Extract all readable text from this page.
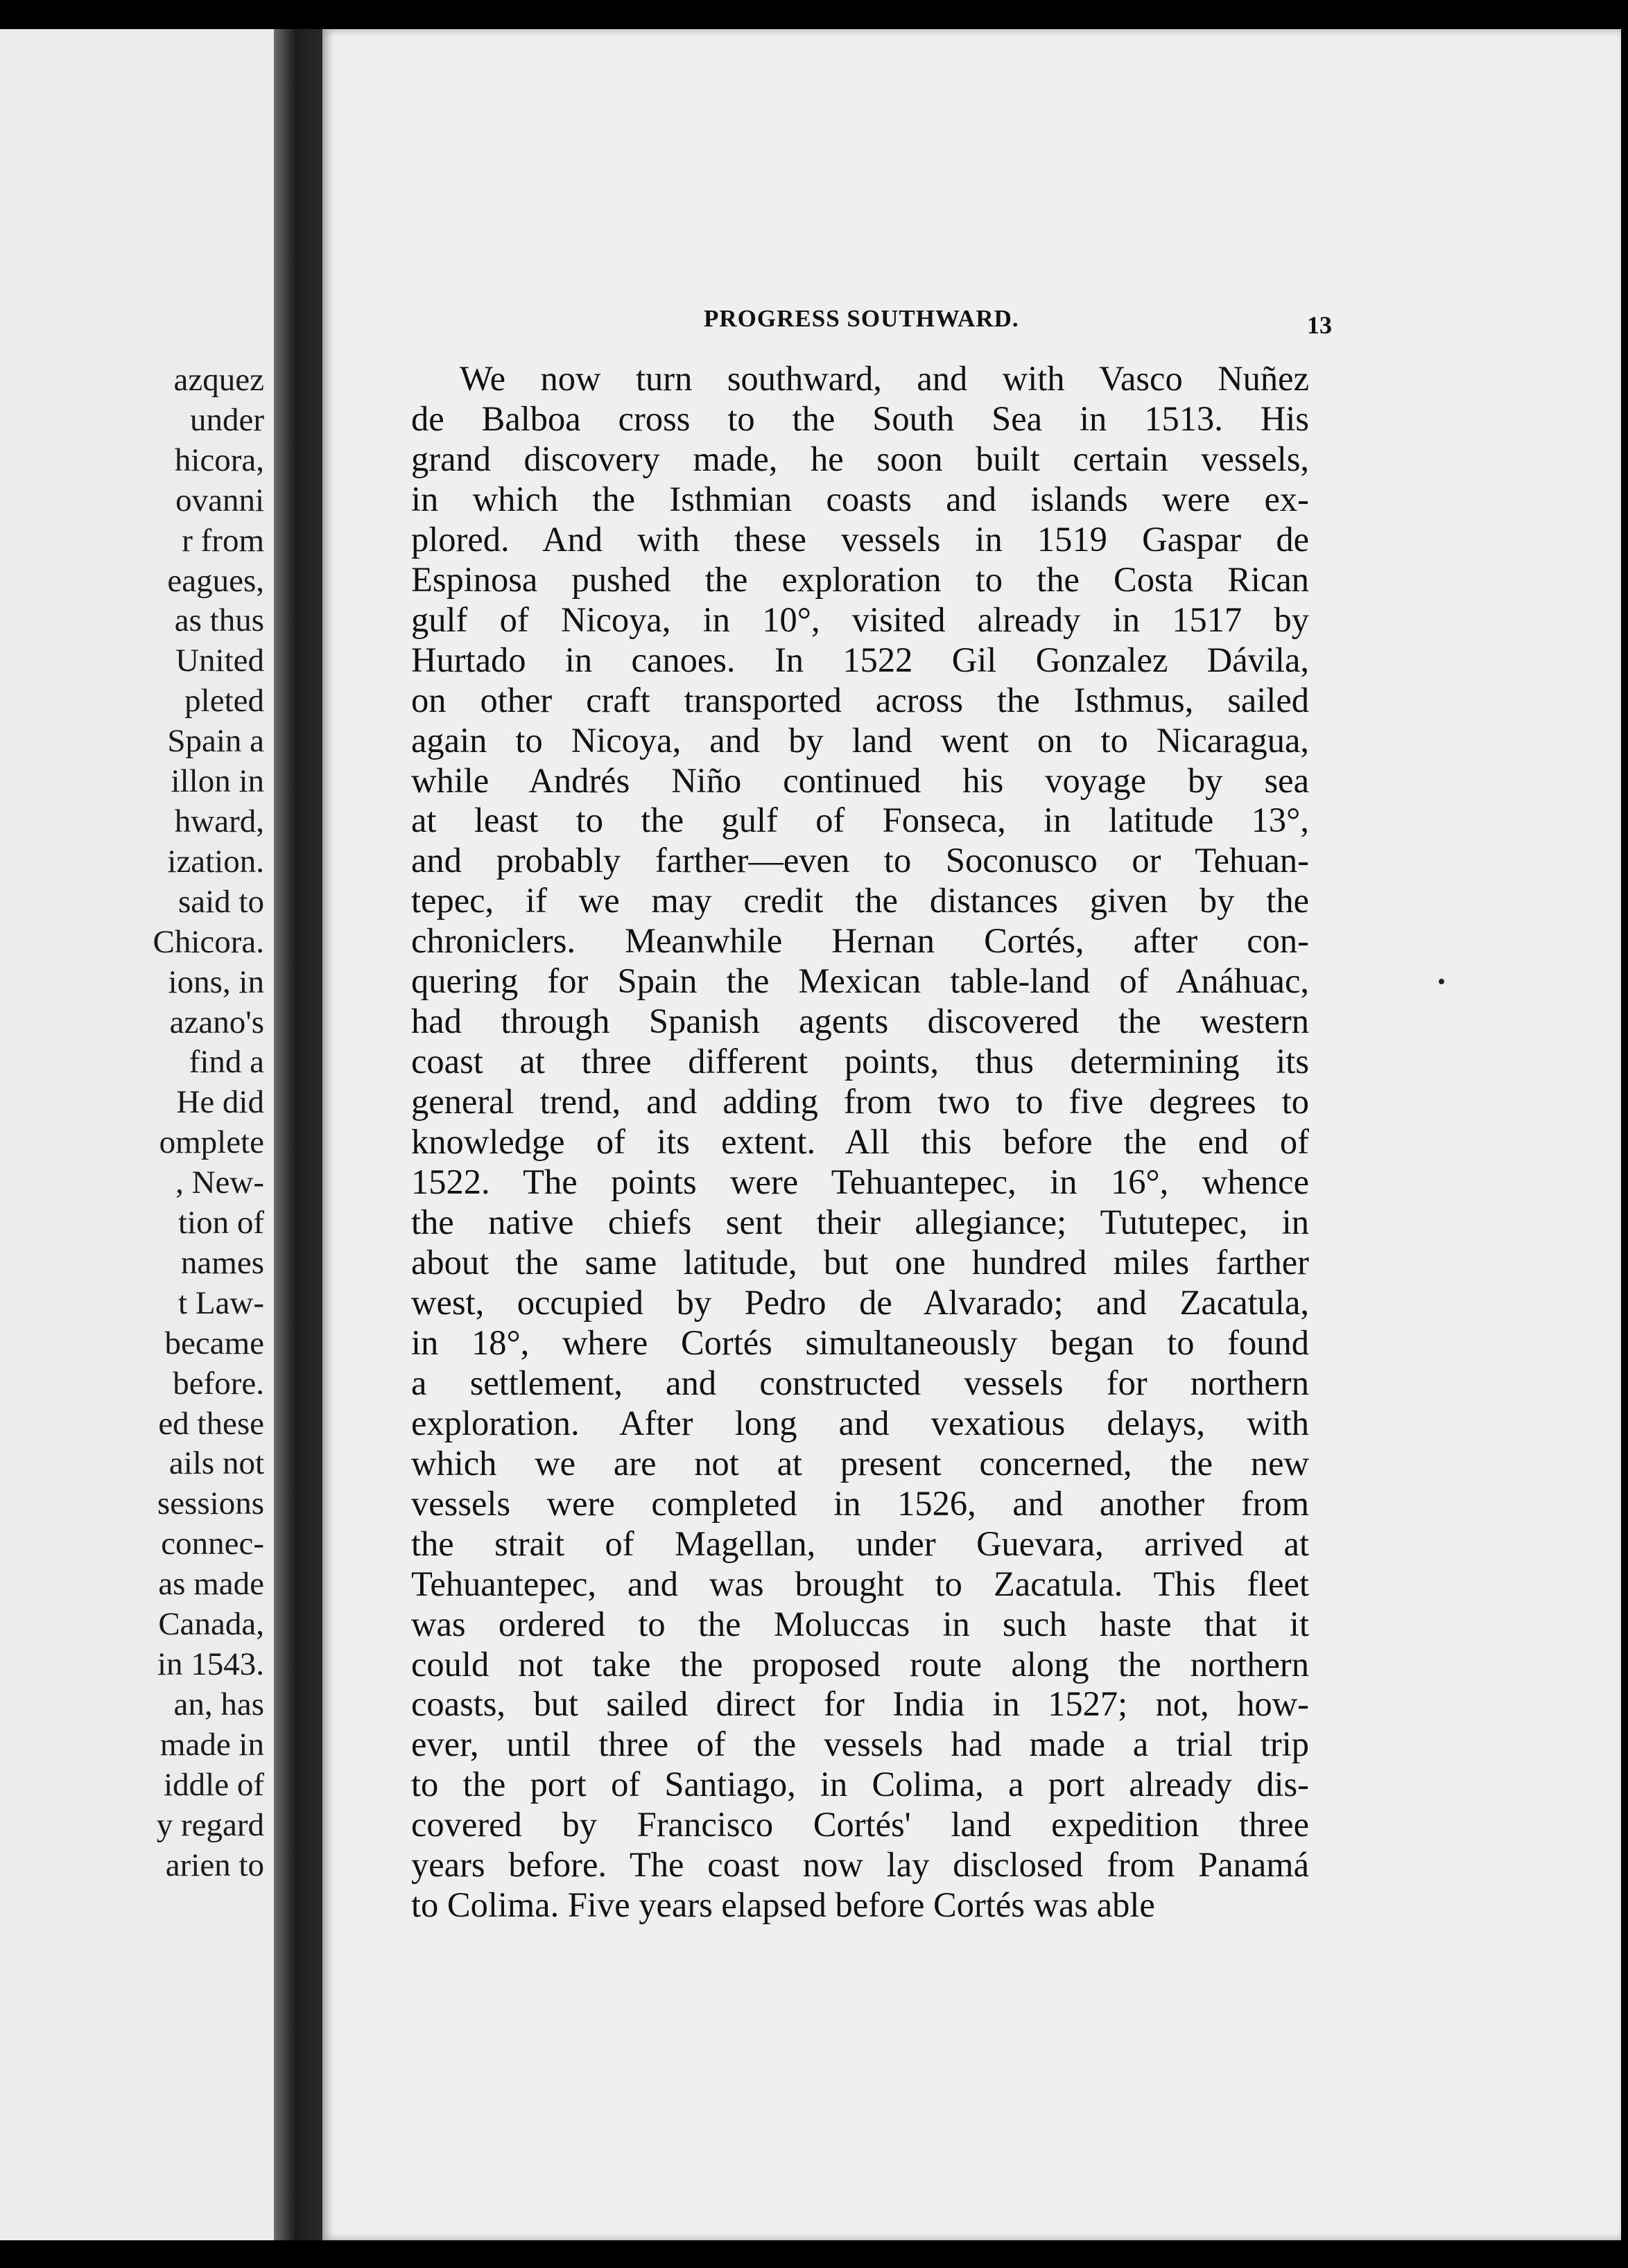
azquez
under
hicora,
ovanni
r from
eagues,
as thus
United
pleted
Spain a
illon in
hward,
ization.
said to
Chicora.
ions, in
azano's
find a
He did
omplete
, New-
tion of
names
t Law-
became
before.
ed these
ails not
sessions
connec-
as made
Canada,
in 1543.
an, has
made in
iddle of
y regard
arien to
PROGRESS SOUTHWARD.	13
We now turn southward, and with Vasco Nuñez
de Balboa cross to the South Sea in 1513. His
grand discovery made, he soon built certain vessels,
in which the Isthmian coasts and islands were ex-
plored. And with these vessels in 1519 Gaspar de
Espinosa pushed the exploration to the Costa Rican
gulf of Nicoya, in 10°, visited already in 1517 by
Hurtado in canoes. In 1522 Gil Gonzalez Dávila,
on other craft transported across the Isthmus, sailed
again to Nicoya, and by land went on to Nicaragua,
while Andrés Niño continued his voyage by sea
at least to the gulf of Fonseca, in latitude 13°,
and probably farther—even to Soconusco or Tehuan-
tepec, if we may credit the distances given by the
chroniclers. Meanwhile Hernan Cortés, after con-
quering for Spain the Mexican table-land of Anáhuac,
had through Spanish agents discovered the western
coast at three different points, thus determining its
general trend, and adding from two to five degrees to
knowledge of its extent. All this before the end of
1522. The points were Tehuantepec, in 16°, whence
the native chiefs sent their allegiance; Tututepec, in
about the same latitude, but one hundred miles farther
west, occupied by Pedro de Alvarado; and Zacatula,
in 18°, where Cortés simultaneously began to found
a settlement, and constructed vessels for northern
exploration. After long and vexatious delays, with
which we are not at present concerned, the new
vessels were completed in 1526, and another from
the strait of Magellan, under Guevara, arrived at
Tehuantepec, and was brought to Zacatula. This fleet
was ordered to the Moluccas in such haste that it
could not take the proposed route along the northern
coasts, but sailed direct for India in 1527; not, how-
ever, until three of the vessels had made a trial trip
to the port of Santiago, in Colima, a port already dis-
covered by Francisco Cortés' land expedition three
years before. The coast now lay disclosed from Panamá
to Colima. Five years elapsed before Cortés was able
